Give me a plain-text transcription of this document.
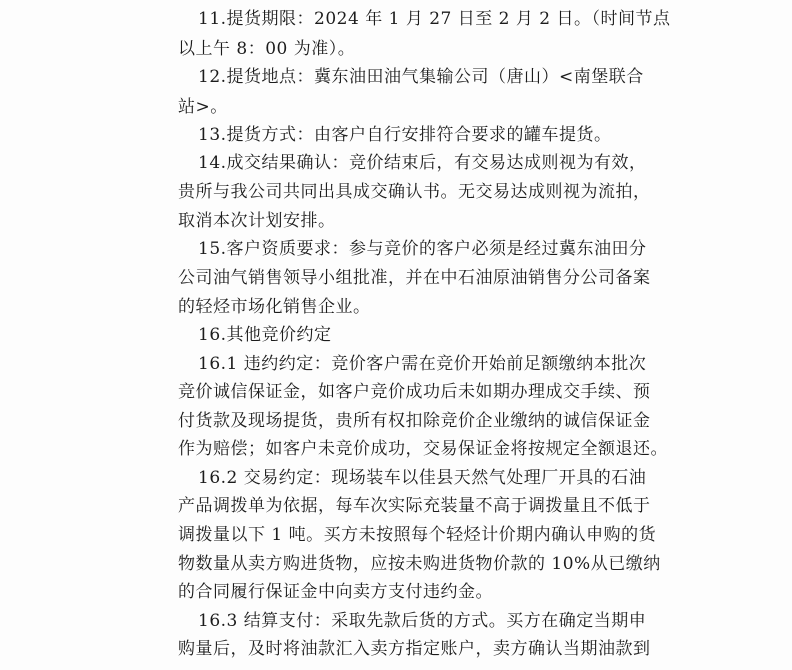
11.提货期限：2024 年 1 月 27 日至 2 月 2 日。（时间节点
以上午 8：00 为准）。
12.提货地点：冀东油田油气集输公司（唐山）<南堡联合
站>。
13.提货方式：由客户自行安排符合要求的罐车提货。
14.成交结果确认：竞价结束后，有交易达成则视为有效，
贵所与我公司共同出具成交确认书。无交易达成则视为流拍，
取消本次计划安排。
15.客户资质要求：参与竞价的客户必须是经过冀东油田分
公司油气销售领导小组批准，并在中石油原油销售分公司备案
的轻烃市场化销售企业。
16.其他竞价约定
16.1 违约约定：竞价客户需在竞价开始前足额缴纳本批次
竞价诚信保证金，如客户竞价成功后未如期办理成交手续、预
付货款及现场提货，贵所有权扣除竞价企业缴纳的诚信保证金
作为赔偿；如客户未竞价成功，交易保证金将按规定全额退还。
16.2 交易约定：现场装车以佳县天然气处理厂开具的石油
产品调拨单为依据，每车次实际充装量不高于调拨量且不低于
调拨量以下 1 吨。买方未按照每个轻烃计价期内确认申购的货
物数量从卖方购进货物，应按未购进货物价款的 10%从已缴纳
的合同履行保证金中向卖方支付违约金。
16.3 结算支付：采取先款后货的方式。买方在确定当期申
购量后，及时将油款汇入卖方指定账户，卖方确认当期油款到
